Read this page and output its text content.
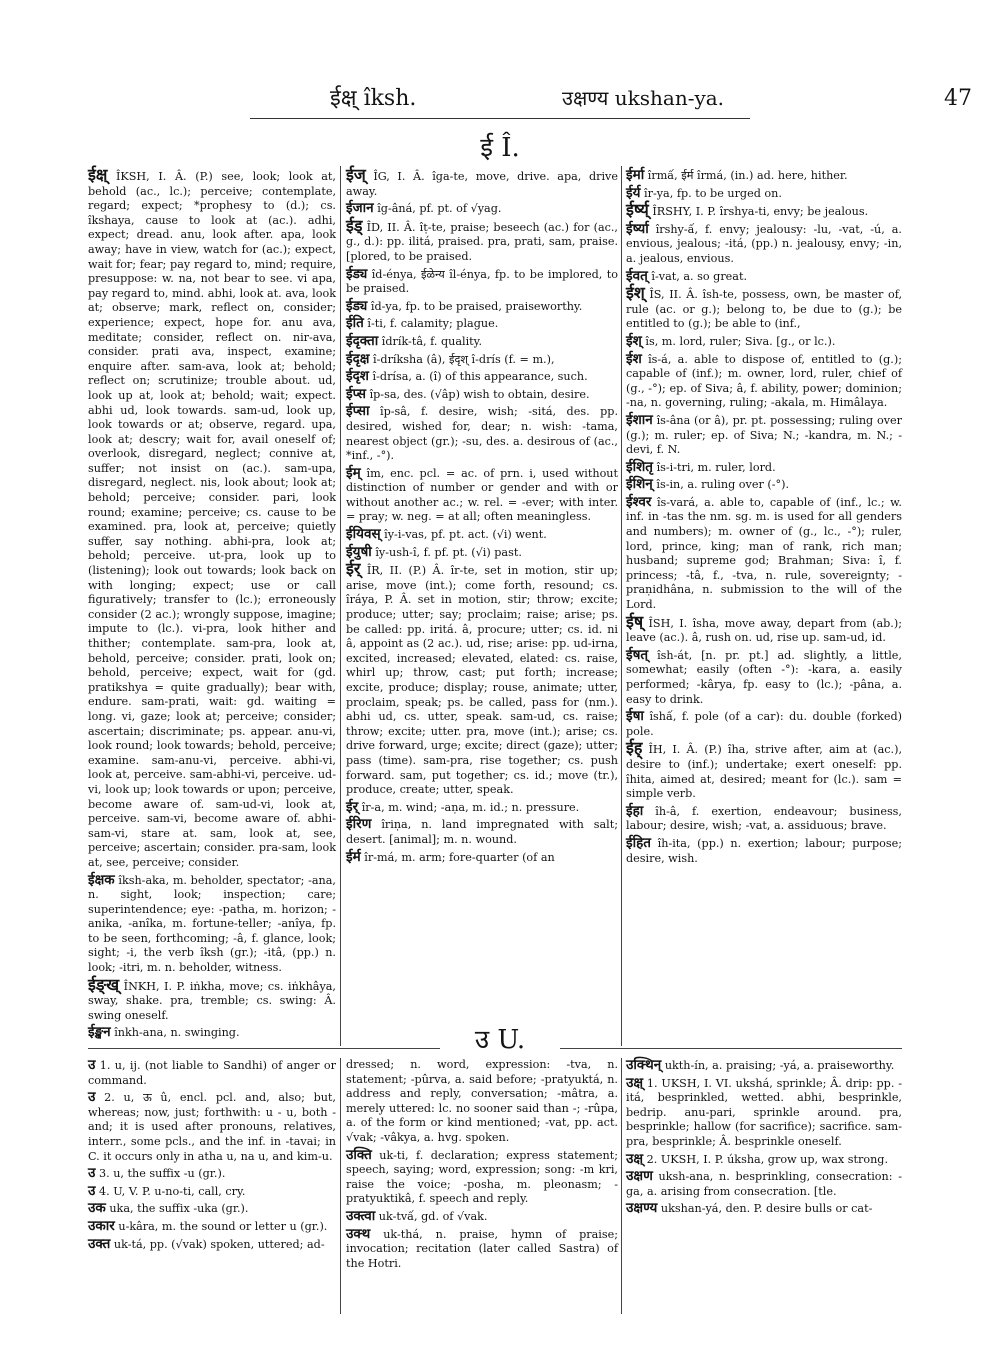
ईक्ष् îksh.	उक्षण्य ukshan-ya.	47
ई Î.

ईक्ष् ÎKSH, I. Â. (P.) see, look; look at, behold (ac., lc.); perceive; contemplate, regard; expect; *prophesy to (d.); cs. îkshaya, cause to look at (ac.). adhi, expect; dread. anu, look after. apa, look away; have in view, watch for (ac.); expect, wait for; fear; pay regard to, mind; require, presuppose: w. na, not bear to see. vi apa, pay regard to, mind. abhi, look at. ava, look at; observe; mark, reflect on, consider; experience; expect, hope for. anu ava, meditate; consider, reflect on. nir-ava, consider. prati ava, inspect, examine; enquire after. sam-ava, look at; behold; reflect on; scrutinize; trouble about. ud, look up at, look at; behold; wait; expect. abhi ud, look towards. sam-ud, look up, look towards or at; observe, regard. upa, look at; descry; wait for, avail oneself of; overlook, disregard, neglect; connive at, suffer; not insist on (ac.). sam-upa, disregard, neglect. nis, look about; look at; behold; perceive; consider. pari, look round; examine; perceive; cs. cause to be examined. pra, look at, perceive; quietly suffer, say nothing. abhi-pra, look at; behold; perceive. ut-pra, look up to (listening); look out towards; look back on with longing; expect; use or call figuratively; transfer to (lc.); erroneously consider (2 ac.); wrongly suppose, imagine; impute to (lc.). vi-pra, look hither and thither; contemplate. sam-pra, look at, behold, perceive; consider. prati, look on; behold, perceive; expect, wait for (gd. pratikshya = quite gradually); bear with, endure. sam-prati, wait: gd. waiting = long. vi, gaze; look at; perceive; consider; ascertain; discriminate; ps. appear. anu-vi, look round; look towards; behold, perceive; examine. sam-anu-vi, perceive. abhi-vi, look at, perceive. sam-abhi-vi, perceive. ud-vi, look up; look towards or upon; perceive, become aware of. sam-ud-vi, look at, perceive. sam-vi, become aware of. abhi-sam-vi, stare at. sam, look at, see, perceive; ascertain; consider. pra-sam, look at, see, perceive; consider.

ईक्षक îksh-aka, m. beholder, spectator; -ana, n. sight, look; inspection; care; superintendence; eye: -patha, m. horizon; -anika, -anîka, m. fortune-teller; -anîya, fp. to be seen, forthcoming; -â, f. glance, look; sight; -i, the verb îksh (gr.); -itâ, (pp.) n. look; -itri, m. n. beholder, witness.

ईङ्ख् ÎNKH, I. P. iṅkha, move; cs. iṅkhâya, sway, shake. pra, tremble; cs. swing: Â. swing oneself.

ईङ्खन înkh-ana, n. swinging.

ईज् ÎG, I. Â. îga-te, move, drive. apa, drive away.

ईजान îg-âná, pf. pt. of √yag.

ईड् ÎD, II. Â. îṭ-te, praise; beseech (ac.) for (ac., g., d.): pp. ilitá, praised. pra, prati, sam, praise. [plored, to be praised.

ईड्य îd-ényа, ईळेन्य îl-énya, fp. to be implored, to be praised.

ईड्य îd-ya, fp. to be praised, praiseworthy.

ईति î-ti, f. calamity; plague.

ईदृक्ता îdrík-tâ, f. quality.

ईदृक्ष î-dríksha (â), ईदृश् î-drís (f. = m.),

ईदृश î-drísa, a. (î) of this appearance, such.

ईप्स îp-sa, des. (√âp) wish to obtain, desire.

ईप्सा îp-sâ, f. desire, wish; -sitá, des. pp. desired, wished for, dear; n. wish: -tama, nearest object (gr.); -su, des. a. desirous of (ac., *inf., -°).

ईम् îm, enc. pcl. = ac. of prn. i, used without distinction of number or gender and with or without another ac.; w. rel. = -ever; with inter. = pray; w. neg. = at all; often meaningless.

ईयिवस् îy-i-vas, pf. pt. act. (√i) went.

ईयुषी îy-ush-î, f. pf. pt. (√i) past.

ईर् ÎR, II. (P.) Â. îr-te, set in motion, stir up; arise, move (int.); come forth, resound; cs. îráya, P. Â. set in motion, stir; throw; excite; produce; utter; say; proclaim; raise; arise; ps. be called: pp. iritá. â, procure; utter; cs. id. ni â, appoint as (2 ac.). ud, rise; arise: pp. ud-irna, excited, increased; elevated, elated: cs. raise, whirl up; throw, cast; put forth; increase; excite, produce; display; rouse, animate; utter, proclaim, speak; ps. be called, pass for (nm.). abhi ud, cs. utter, speak. sam-ud, cs. raise; throw; excite; utter. pra, move (int.); arise; cs. drive forward, urge; excite; direct (gaze); utter; pass (time). sam-pra, rise together; cs. push forward. sam, put together; cs. id.; move (tr.), produce, create; utter, speak.

ईर् îr-a, m. wind; -aṇa, m. id.; n. pressure.

ईरिण îriṇa, n. land impregnated with salt; desert. [animal]; m. n. wound.

ईर्म îr-má, m. arm; fore-quarter (of an

ईर्मा îrmấ, ईर्म îrmá, (in.) ad. here, hither.

ईर्य îr-ya, fp. to be urged on.

ईर्ष्य् ÎRSHY, I. P. îrshya-ti, envy; be jealous.

ईर्ष्या îrshy-ấ, f. envy; jealousy: -lu, -vat, -ú, a. envious, jealous; -itá, (pp.) n. jealousy, envy; -in, a. jealous, envious.

ईवत् î-vat, a. so great.

ईश् ÎS, II. Â. îsh-te, possess, own, be master of, rule (ac. or g.); belong to, be due to (g.); be entitled to (g.); be able to (inf.,

ईश् îs, m. lord, ruler; Siva. [g., or lc.).

ईश îs-á, a. able to dispose of, entitled to (g.); capable of (inf.); m. owner, lord, ruler, chief of (g., -°); ep. of Siva; â, f. ability, power; dominion; -na, n. governing, ruling; -akala, m. Himâlaya.

ईशान îs-âna (or â), pr. pt. possessing; ruling over (g.); m. ruler; ep. of Siva; N.; -kandra, m. N.; -devi, f. N.

ईशितृ îs-i-tri, m. ruler, lord.

ईशिन् îs-in, a. ruling over (-°).

ईश्वर îs-vará, a. able to, capable of (inf., lc.; w. inf. in -tas the nm. sg. m. is used for all genders and numbers); m. owner of (g., lc., -°); ruler, lord, prince, king; man of rank, rich man; husband; supreme god; Brahman; Siva: î, f. princess; -tâ, f., -tva, n. rule, sovereignty; -praṇidhâna, n. submission to the will of the Lord.

ईष् ÎSH, I. îsha, move away, depart from (ab.); leave (ac.). â, rush on. ud, rise up. sam-ud, id.

ईषत् îsh-át, [n. pr. pt.] ad. slightly, a little, somewhat; easily (often -°): -kara, a. easily performed; -kârya, fp. easy to (lc.); -pâna, a. easy to drink.

ईषा îshấ, f. pole (of a car): du. double (forked) pole.

ईह् ÎH, I. Â. (P.) îha, strive after, aim at (ac.), desire to (inf.); undertake; exert oneself: pp. îhita, aimed at, desired; meant for (lc.). sam = simple verb.

ईहा îh-â, f. exertion, endeavour; business, labour; desire, wish; -vat, a. assiduous; brave.

ईहित îh-ita, (pp.) n. exertion; labour; purpose; desire, wish.

उ U.

उ 1. u, ij. (not liable to Sandhi) of anger or command.

उ 2. u, ऊ û, encl. pcl. and, also; but, whereas; now, just; forthwith: u - u, both - and; it is used after pronouns, relatives, interr., some pcls., and the inf. in -tavai; in C. it occurs only in atha u, na u, and kim-u.

उ 3. u, the suffix -u (gr.).

उ 4. U, V. P. u-no-ti, call, cry.

उक uka, the suffix -uka (gr.).

उकार u-kâra, m. the sound or letter u (gr.).

उक्त uk-tá, pp. (√vak) spoken, uttered; ad-

dressed; n. word, expression: -tva, n. statement; -pûrva, a. said before; -pratyuktá, n. address and reply, conversation; -mâtra, a. merely uttered: lc. no sooner said than -; -rûpa, a. of the form or kind mentioned; -vat, pp. act. √vak; -vâkya, a. hvg. spoken.

उक्ति uk-ti, f. declaration; express statement; speech, saying; word, expression; song: -m kri, raise the voice; -posha, m. pleonasm; -pratyuktikâ, f. speech and reply.

उक्त्वा uk-tvấ, gd. of √vak.

उक्थ uk-thá, n. praise, hymn of praise; invocation; recitation (later called Sastra) of the Hotri.

उक्थिन् ukth-ín, a. praising; -yá, a. praiseworthy.

उक्ष् 1. UKSH, I. VI. ukshá, sprinkle; Â. drip: pp. -itá, besprinkled, wetted. abhi, besprinkle, bedrip. anu-pari, sprinkle around. pra, besprinkle; hallow (for sacrifice); sacrifice. sam-pra, besprinkle; Â. besprinkle oneself.

उक्ष् 2. UKSH, I. P. úksha, grow up, wax strong.

उक्षण uksh-ana, n. besprinkling, consecration: -ga, a. arising from consecration. [tle.

उक्षण्य ukshan-yá, den. P. desire bulls or cat-
